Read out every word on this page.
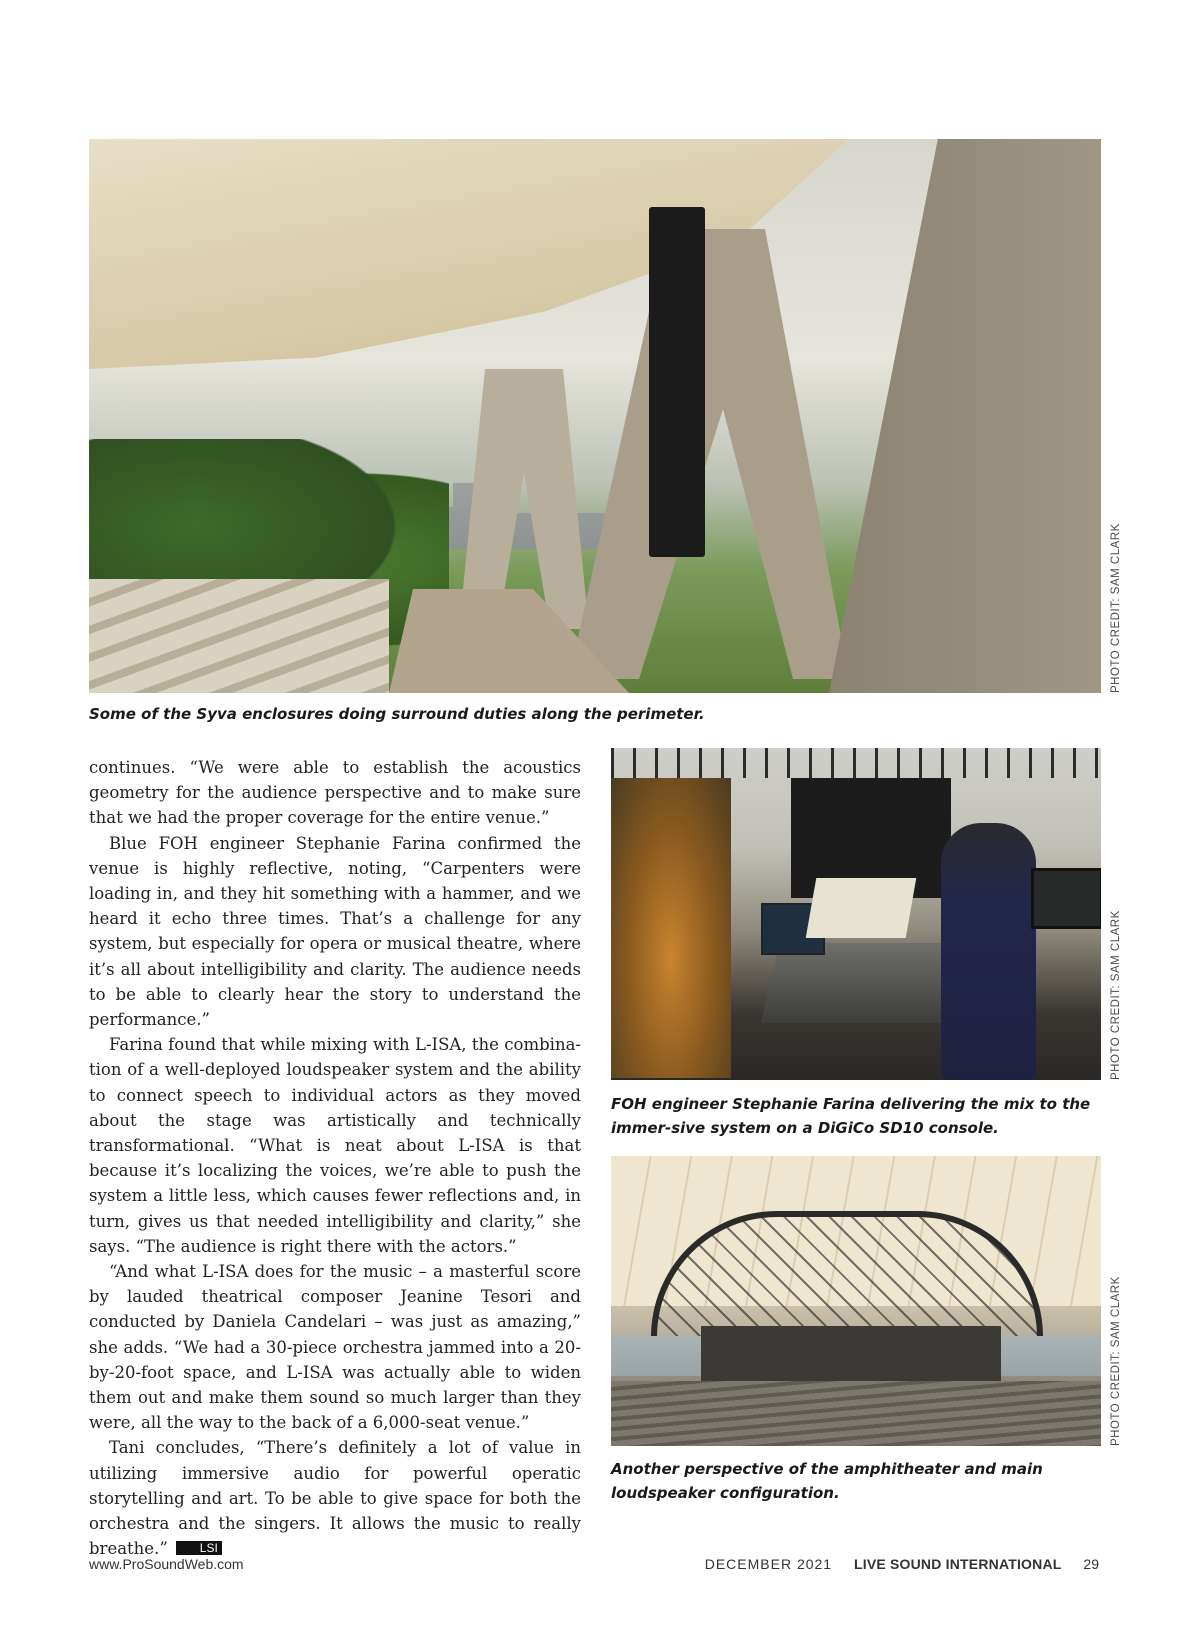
PHOTO CREDIT: SAM CLARK
Some of the Syva enclosures doing surround duties along the perimeter.
PHOTO CREDIT: SAM CLARK
FOH engineer Stephanie Farina delivering the mix to the immer-sive system on a DiGiCo SD10 console.
PHOTO CREDIT: SAM CLARK
Another perspective of the amphitheater and main loudspeaker configuration.

continues. “We were able to establish the acoustics geometry for the audience perspective and to make sure that we had the proper coverage for the entire venue.”

Blue FOH engineer Stephanie Farina confirmed the venue is highly reflective, noting, “Carpenters were loading in, and they hit something with a hammer, and we heard it echo three times. That’s a challenge for any system, but especially for opera or musical theatre, where it’s all about intelligibility and clarity. The audience needs to be able to clearly hear the story to understand the performance.”

Farina found that while mixing with L-ISA, the combina-tion of a well-deployed loudspeaker system and the ability to connect speech to individual actors as they moved about the stage was artistically and technically transformational. “What is neat about L-ISA is that because it’s localizing the voices, we’re able to push the system a little less, which causes fewer reflections and, in turn, gives us that needed intelligibility and clarity,” she says. “The audience is right there with the actors.”

“And what L-ISA does for the music – a masterful score by lauded theatrical composer Jeanine Tesori and conducted by Daniela Candelari – was just as amazing,” she adds. “We had a 30-piece orchestra jammed into a 20-by-20-foot space, and L-ISA was actually able to widen them out and make them sound so much larger than they were, all the way to the back of a 6,000-seat venue.”

Tani concludes, “There’s definitely a lot of value in utilizing immersive audio for powerful operatic storytelling and art. To be able to give space for both the orchestra and the singers. It allows the music to really breathe.”	LSI

www.ProSoundWeb.com	DECEMBER 2021 LIVE SOUND INTERNATIONAL 29
